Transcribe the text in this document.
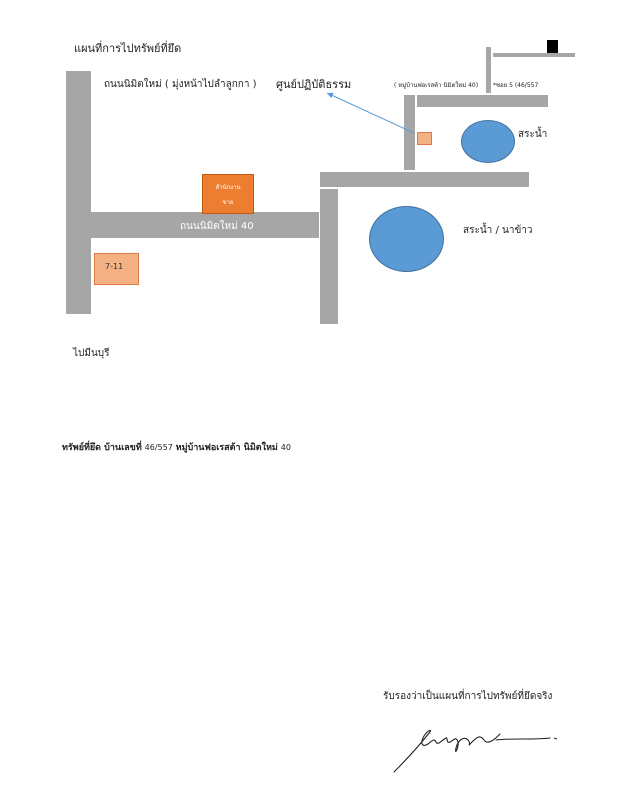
แผนที่การไปทรัพย์ที่ยึด
ถนนนิมิตใหม่ ( มุ่งหน้าไปลำลูกกา )
ถนนนิมิตใหม่ 40
ศูนย์ปฏิบัติธรรม	( หมู่บ้านฟอเรสต้า นิมิตใหม่ 40) *ซอย 5 (46/557
สระน้ำ
สระน้ำ / นาข้าว
สำนักงาน
ขาย
7-11
ไปมีนบุรี
ทรัพย์ที่ยึด บ้านเลขที่ 46/557 หมู่บ้านฟอเรสต้า นิมิตใหม่ 40
รับรองว่าเป็นแผนที่การไปทรัพย์ที่ยึดจริง
